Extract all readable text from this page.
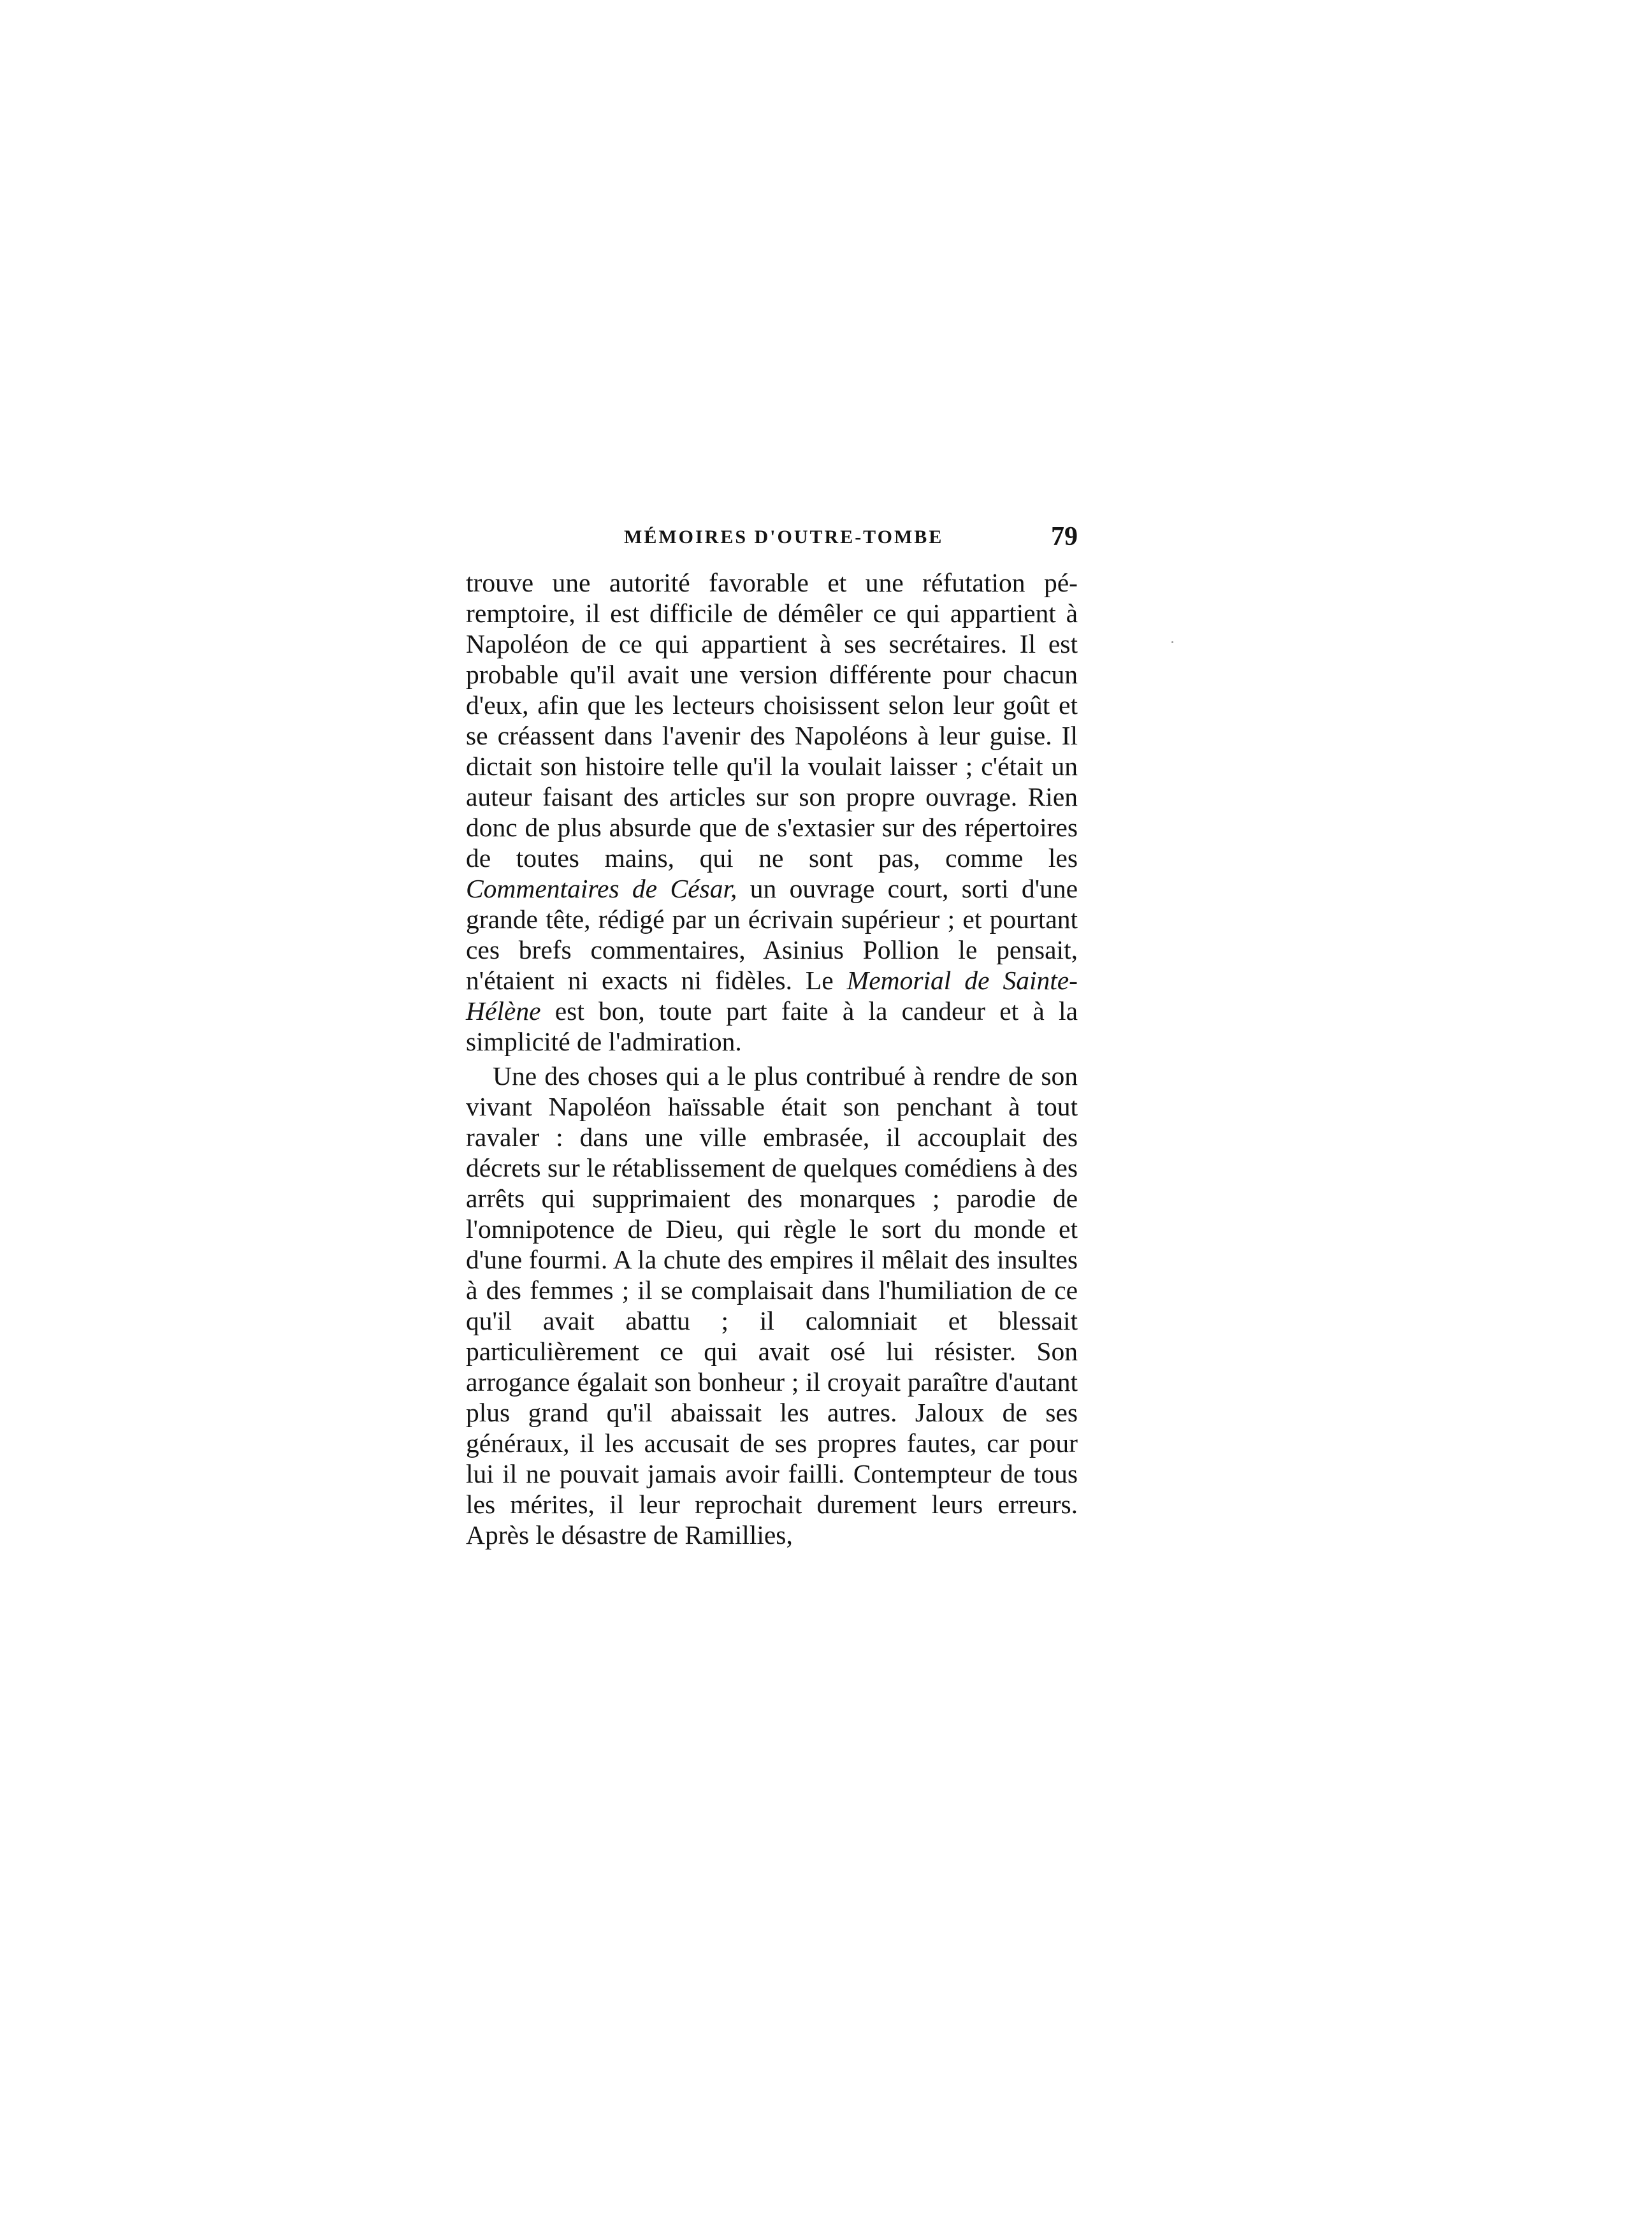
MÉMOIRES D'OUTRE-TOMBE	79

trouve une autorité favorable et une réfutation péremptoire, il est difficile de démêler ce qui appartient à Napoléon de ce qui appartient à ses secrétaires. Il est probable qu'il avait une version différente pour chacun d'eux, afin que les lecteurs choisissent selon leur goût et se créassent dans l'avenir des Napoléons à leur guise. Il dictait son histoire telle qu'il la voulait laisser ; c'était un auteur faisant des articles sur son propre ouvrage. Rien donc de plus absurde que de s'extasier sur des répertoires de toutes mains, qui ne sont pas, comme les Commentaires de César, un ouvrage court, sorti d'une grande tête, rédigé par un écrivain supérieur ; et pourtant ces brefs commentaires, Asinius Pollion le pensait, n'étaient ni exacts ni fidèles. Le Memorial de Sainte-Hélène est bon, toute part faite à la candeur et à la simplicité de l'admiration.

Une des choses qui a le plus contribué à rendre de son vivant Napoléon haïssable était son penchant à tout ravaler : dans une ville embrasée, il accouplait des décrets sur le rétablissement de quelques comédiens à des arrêts qui supprimaient des monarques ; parodie de l'omnipotence de Dieu, qui règle le sort du monde et d'une fourmi. A la chute des empires il mêlait des insultes à des femmes ; il se complaisait dans l'humiliation de ce qu'il avait abattu ; il calomniait et blessait particulièrement ce qui avait osé lui résister. Son arrogance égalait son bonheur ; il croyait paraître d'autant plus grand qu'il abaissait les autres. Jaloux de ses généraux, il les accusait de ses propres fautes, car pour lui il ne pouvait jamais avoir failli. Contempteur de tous les mérites, il leur reprochait durement leurs erreurs. Après le désastre de Ramillies,
